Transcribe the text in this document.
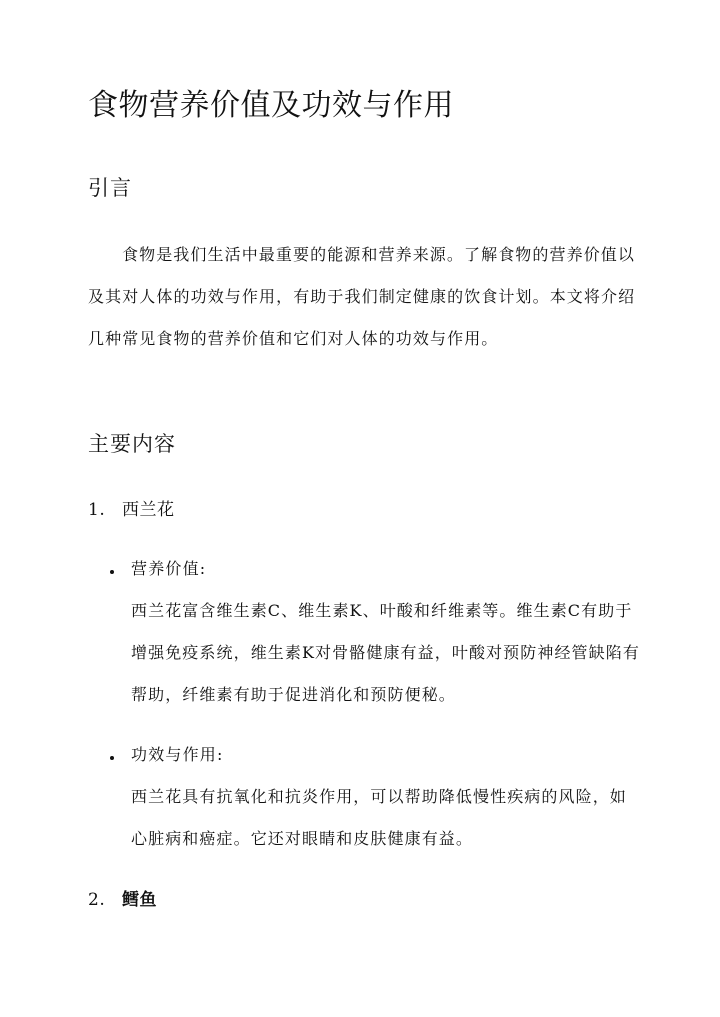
食物营养价值及功效与作用
引言

食物是我们生活中最重要的能源和营养来源。了解食物的营养价值以及其对人体的功效与作用，有助于我们制定健康的饮食计划。本文将介绍几种常见食物的营养价值和它们对人体的功效与作用。

主要内容
1. 西兰花

营养价值:

西兰花富含维生素C、维生素K、叶酸和纤维素等。维生素C有助于增强免疫系统，维生素K对骨骼健康有益，叶酸对预防神经管缺陷有帮助，纤维素有助于促进消化和预防便秘。

功效与作用:

西兰花具有抗氧化和抗炎作用，可以帮助降低慢性疾病的风险，如心脏病和癌症。它还对眼睛和皮肤健康有益。

2. 鳕鱼
